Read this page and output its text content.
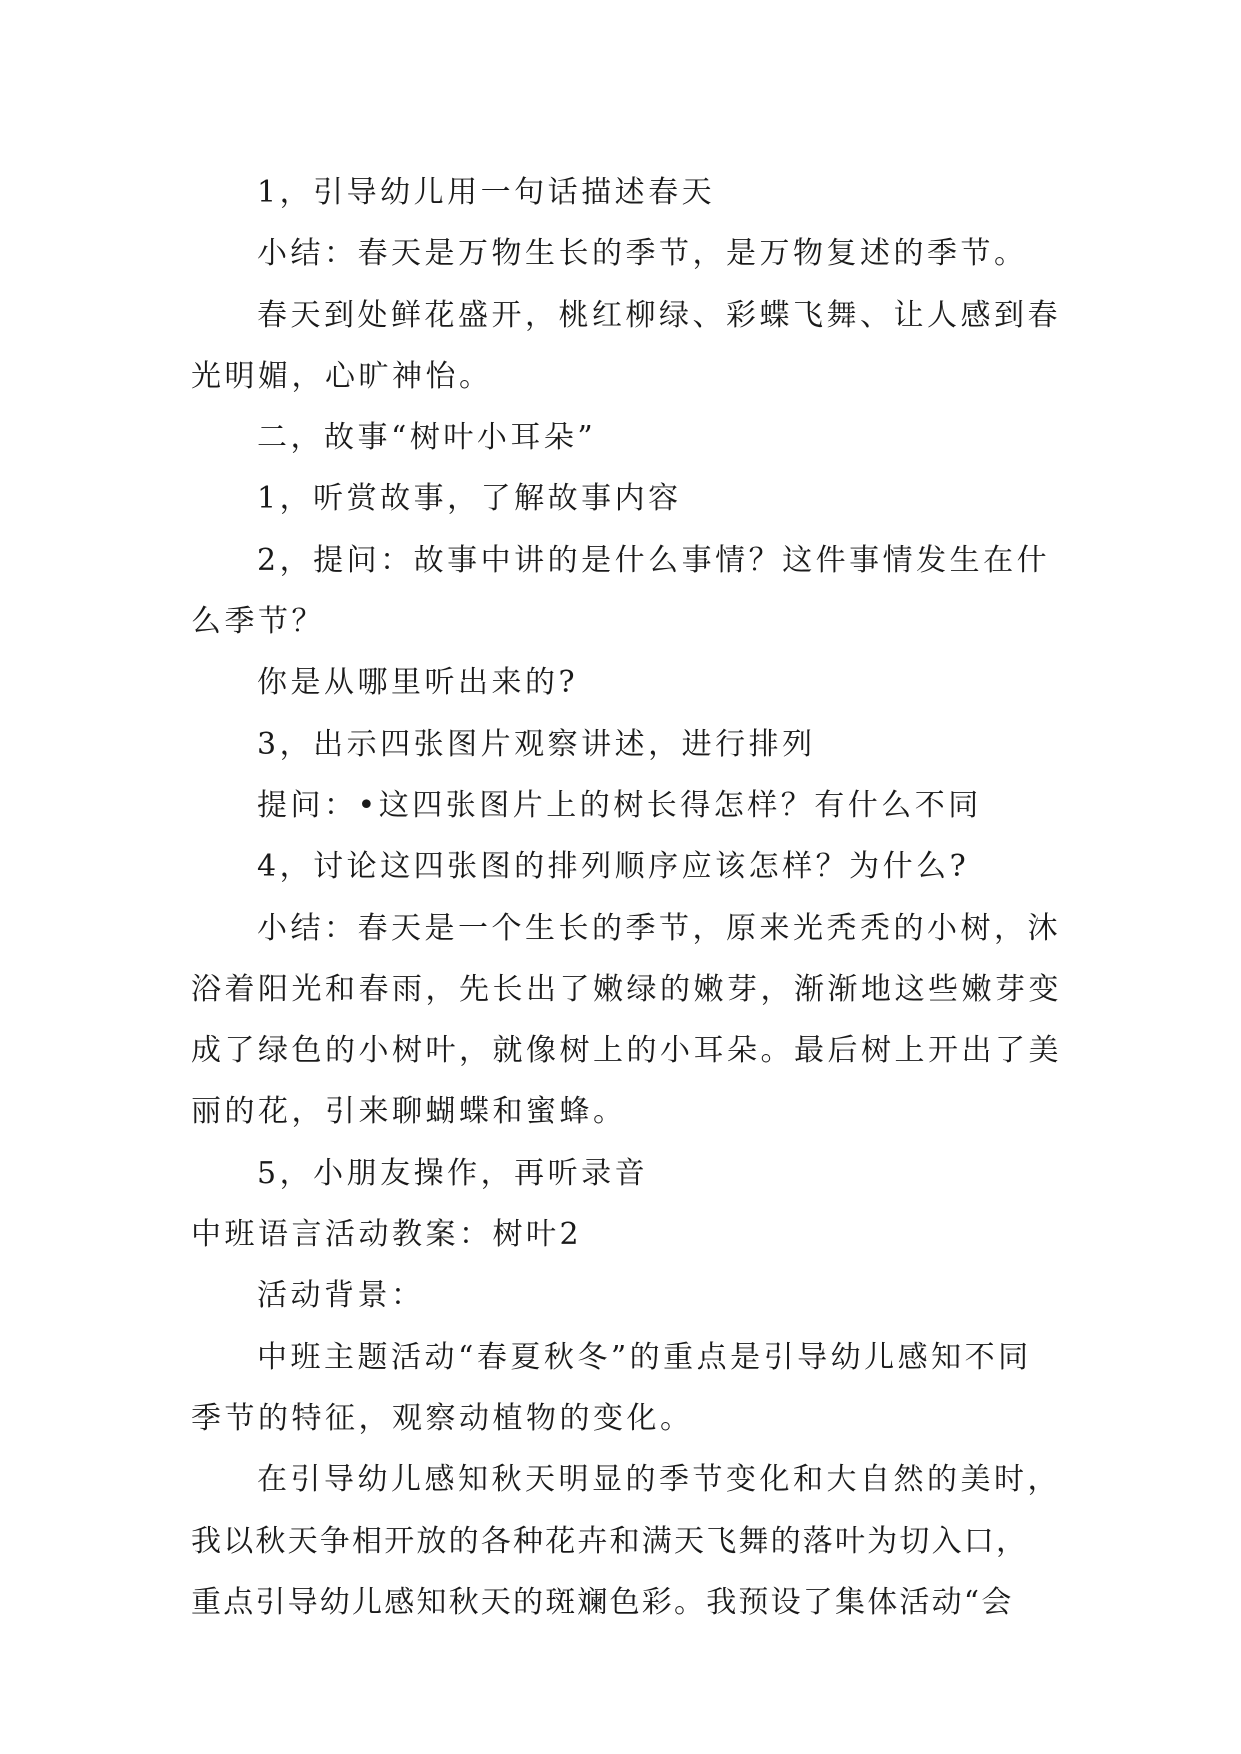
1，引导幼儿用一句话描述春天
小结：春天是万物生长的季节，是万物复述的季节。
春天到处鲜花盛开，桃红柳绿、彩蝶飞舞、让人感到春
光明媚，心旷神怡。
二，故事“树叶小耳朵”
1，听赏故事，了解故事内容
2，提问：故事中讲的是什么事情？这件事情发生在什
么季节？
你是从哪里听出来的?
3，出示四张图片观察讲述，进行排列
提问：•这四张图片上的树长得怎样？有什么不同
4，讨论这四张图的排列顺序应该怎样？为什么?
小结：春天是一个生长的季节，原来光秃秃的小树，沐
浴着阳光和春雨，先长出了嫩绿的嫩芽，渐渐地这些嫩芽变
成了绿色的小树叶，就像树上的小耳朵。最后树上开出了美
丽的花，引来聊蝴蝶和蜜蜂。
5，小朋友操作，再听录音
中班语言活动教案：树叶2
活动背景：
中班主题活动“春夏秋冬”的重点是引导幼儿感知不同
季节的特征，观察动植物的变化。
在引导幼儿感知秋天明显的季节变化和大自然的美时，
我以秋天争相开放的各种花卉和满天飞舞的落叶为切入口，
重点引导幼儿感知秋天的斑斓色彩。我预设了集体活动“会
